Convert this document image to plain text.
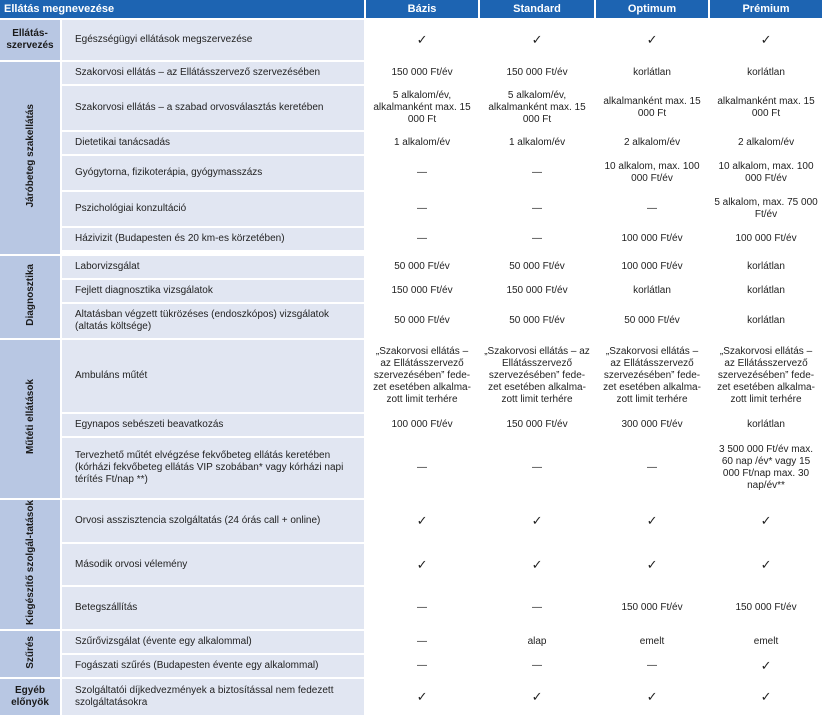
Ellátás megnevezése		Bázis	Standard	Optimum	Prémium
Ellátás-szervezés	Egészségügyi ellátások megszervezése	✓	✓	✓	✓
Járóbeteg szakellátás	Szakorvosi ellátás – az Ellátásszervező szervezésében	150 000 Ft/év	150 000 Ft/év	korlátlan	korlátlan
	Szakorvosi ellátás – a szabad orvosválasztás keretében	5 alkalom/év, alkalmanként max. 15 000 Ft	5 alkalom/év, alkalmanként max. 15 000 Ft	alkalmanként max. 15 000 Ft	alkalmanként max. 15 000 Ft
	Dietetikai tanácsadás	1 alkalom/év	1 alkalom/év	2 alkalom/év	2 alkalom/év
	Gyógytorna, fizikoterápia, gyógymasszázs	—	—	10 alkalom, max. 100 000 Ft/év	10 alkalom, max. 100 000 Ft/év
	Pszichológiai konzultáció	—	—	—	5 alkalom, max. 75 000 Ft/év
	Házivizit (Budapesten és 20 km-es körzetében)	—	—	100 000 Ft/év	100 000 Ft/év

Diagnosztika	Laborvizsgálat	50 000 Ft/év	50 000 Ft/év	100 000 Ft/év	korlátlan
	Fejlett diagnosztika vizsgálatok	150 000 Ft/év	150 000 Ft/év	korlátlan	korlátlan
	Altatásban végzett tükrözéses (endoszkópos) vizsgálatok (altatás költsége)	50 000 Ft/év	50 000 Ft/év	50 000 Ft/év	korlátlan
Műtéti ellátások	Ambuláns műtét	„Szakorvosi ellátás – az Ellátásszervező szervezésében” fede-zet esetében alkalma-zott limit terhére	„Szakorvosi ellátás – az Ellátásszervező szervezésében” fede-zet esetében alkalma-zott limit terhére	„Szakorvosi ellátás – az Ellátásszervező szervezésében” fede-zet esetében alkalma-zott limit terhére	„Szakorvosi ellátás – az Ellátásszervező szervezésében” fede-zet esetében alkalma-zott limit terhére
	Egynapos sebészeti beavatkozás	100 000 Ft/év	150 000 Ft/év	300 000 Ft/év	korlátlan
	Tervezhető műtét elvégzése fekvőbeteg ellátás keretében (kórházi fekvőbeteg ellátás VIP szobában* vagy kórházi napi térítés Ft/nap **)	—	—	—	3 500 000 Ft/év max. 60 nap /év* vagy 15 000 Ft/nap max. 30 nap/év**
Kiegészítő szolgál-tatások	Orvosi asszisztencia szolgáltatás (24 órás call + online)	✓	✓	✓	✓
	Második orvosi vélemény	✓	✓	✓	✓
	Betegszállítás	—	—	150 000 Ft/év	150 000 Ft/év
Szűrés	Szűrővizsgálat (évente egy alkalommal)	—	alap	emelt	emelt
	Fogászati szűrés (Budapesten évente egy alkalommal)	—	—	—	✓
Egyéb előnyök	Szolgáltatói díjkedvezmények a biztosítással nem fedezett szolgáltatásokra	✓	✓	✓	✓
